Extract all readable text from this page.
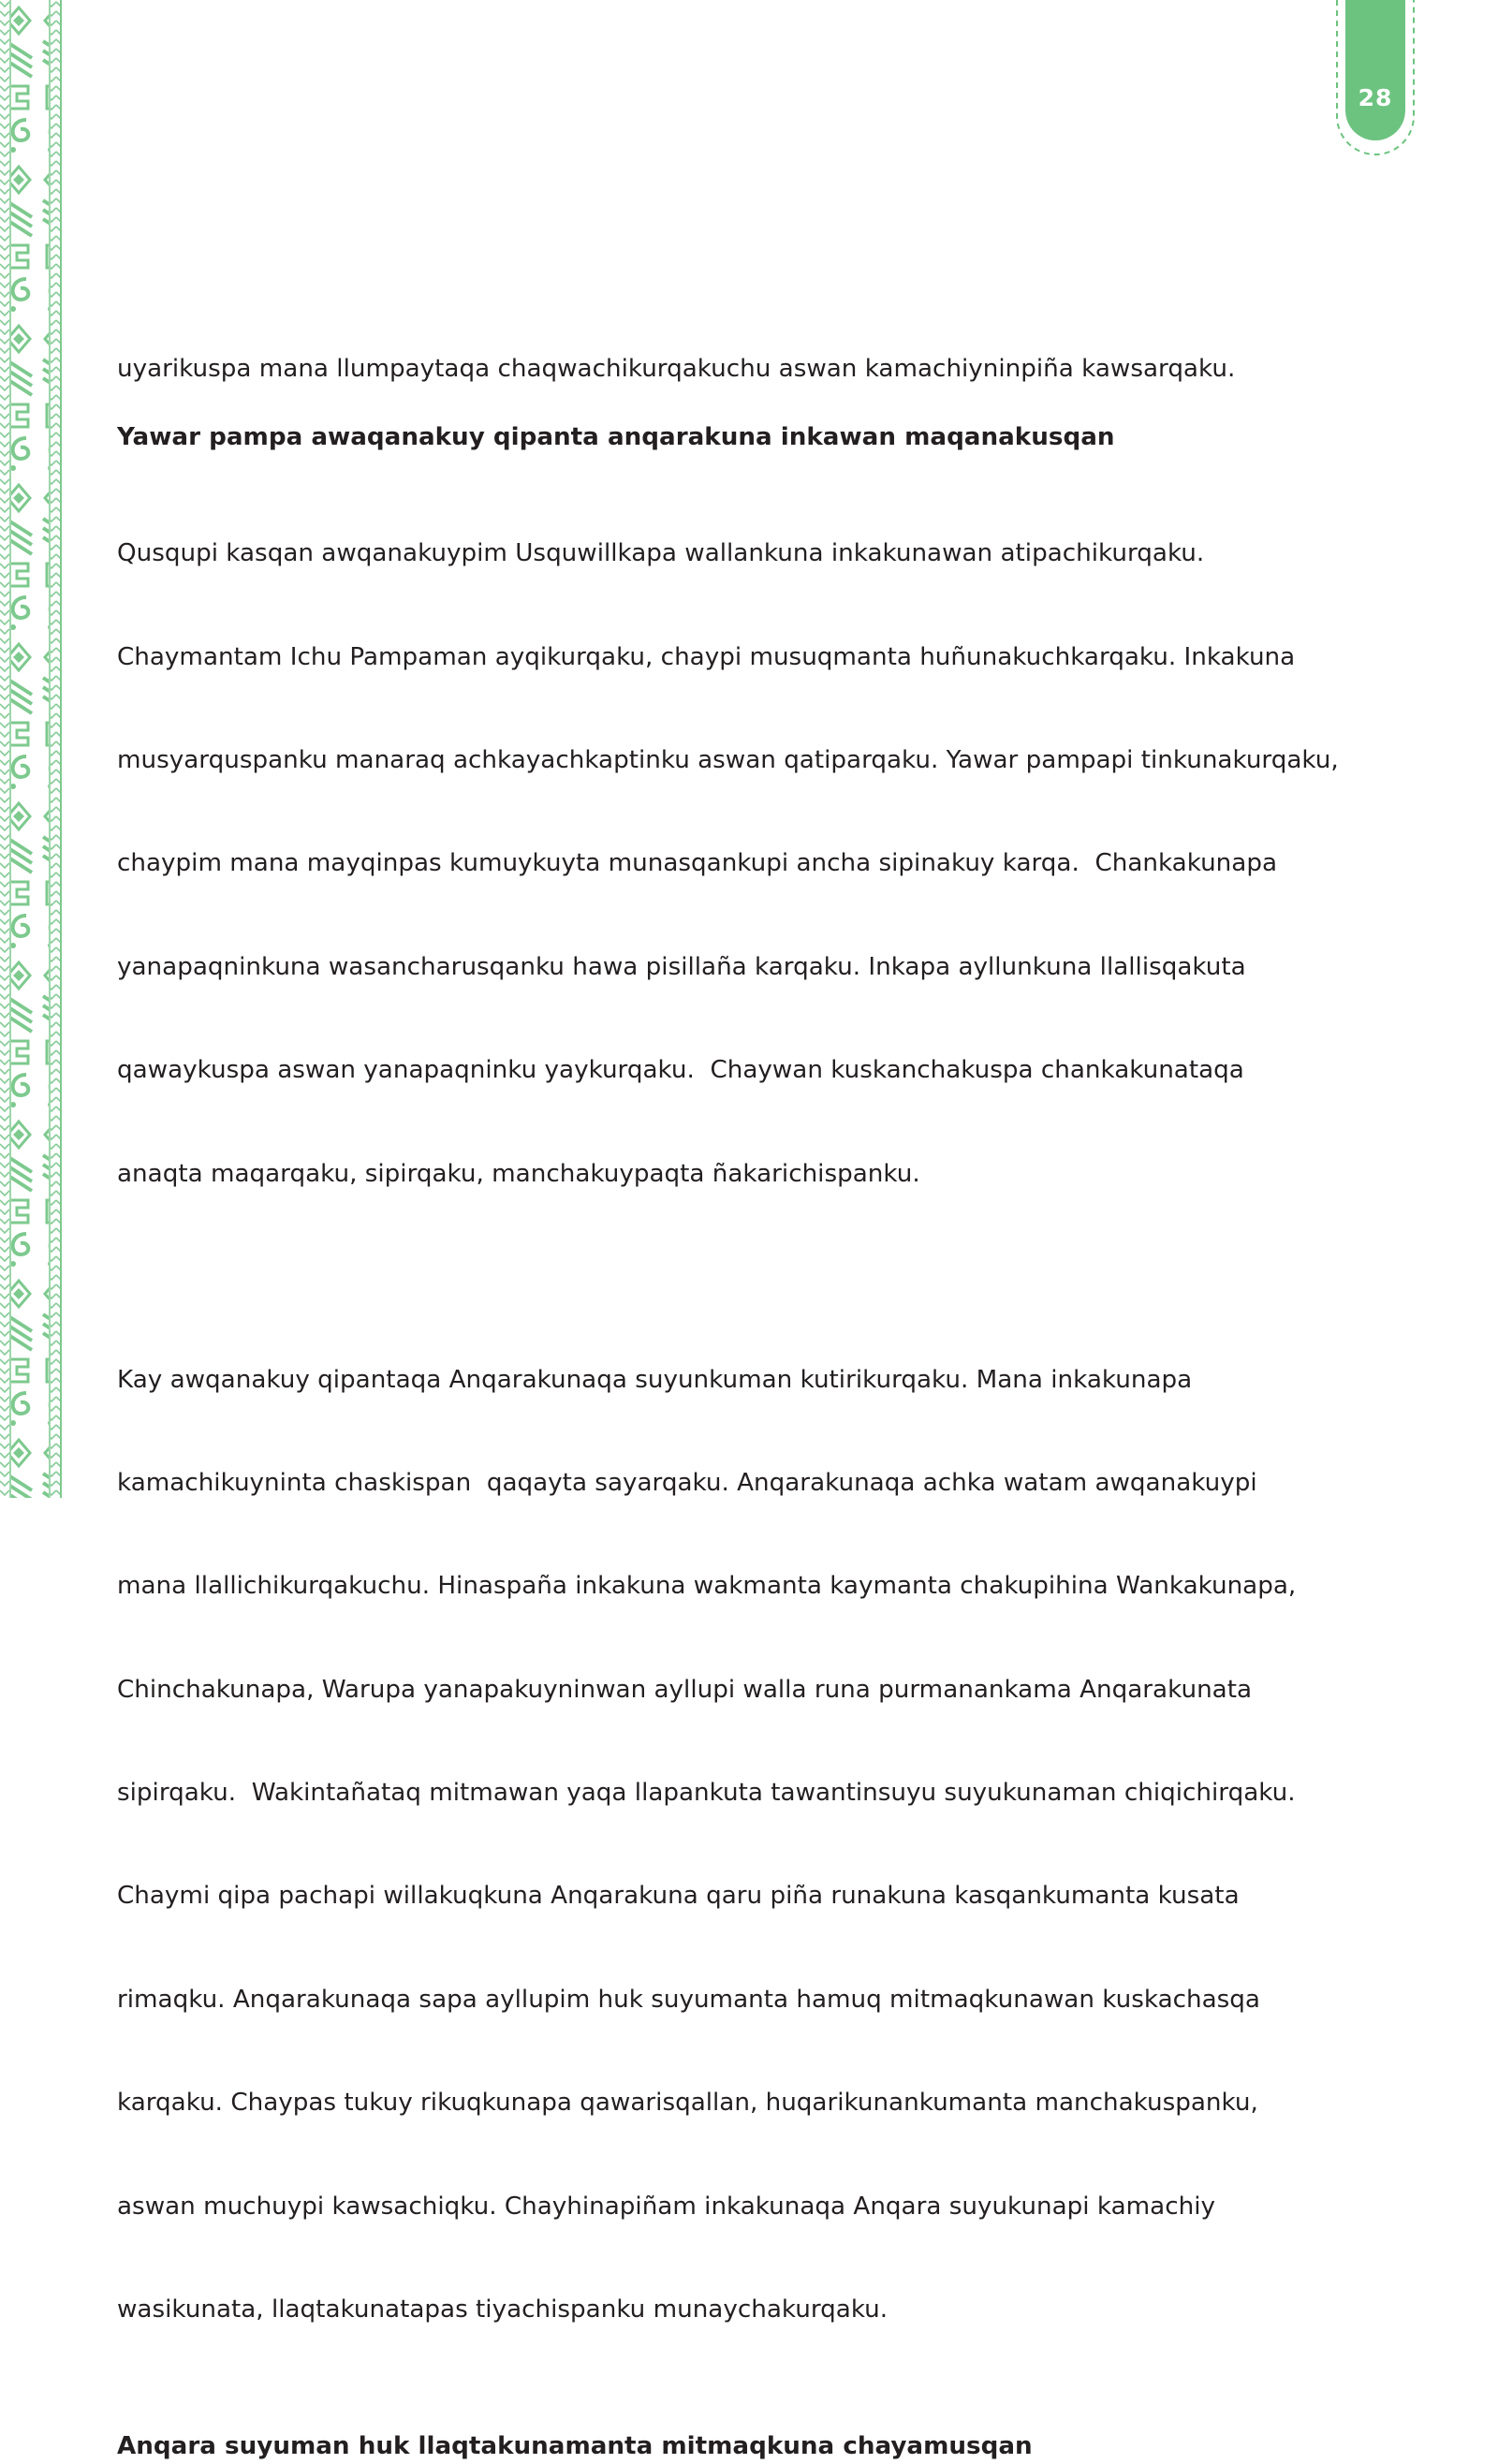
28

uyarikuspa mana llumpaytaqa chaqwachikurqakuchu aswan kamachiyninpiña kawsarqaku.

Yawar pampa awaqanakuy qipanta anqarakuna inkawan maqanakusqan

Qusqupi kasqan awqanakuypim Usquwillkapa wallankuna inkakunawan atipachikurqaku.

Chaymantam Ichu Pampaman ayqikurqaku, chaypi musuqmanta huñunakuchkarqaku. Inkakuna

musyarquspanku manaraq achkayachkaptinku aswan qatiparqaku. Yawar pampapi tinkunakurqaku,

chaypim mana mayqinpas kumuykuyta munasqankupi ancha sipinakuy karqa.  Chankakunapa

yanapaqninkuna wasancharusqanku hawa pisillaña karqaku. Inkapa ayllunkuna llallisqakuta

qawaykuspa aswan yanapaqninku yaykurqaku.  Chaywan kuskanchakuspa chankakunataqa

anaqta maqarqaku, sipirqaku, manchakuypaqta ñakarichispanku.

Kay awqanakuy qipantaqa Anqarakunaqa suyunkuman kutirikurqaku. Mana inkakunapa

kamachikuyninta chaskispan  qaqayta sayarqaku. Anqarakunaqa achka watam awqanakuypi

mana llallichikurqakuchu. Hinaspaña inkakuna wakmanta kaymanta chakupihina Wankakunapa,

Chinchakunapa, Warupa yanapakuyninwan ayllupi walla runa purmanankama Anqarakunata

sipirqaku.  Wakintañataq mitmawan yaqa llapankuta tawantinsuyu suyukunaman chiqichirqaku.

Chaymi qipa pachapi willakuqkuna Anqarakuna qaru piña runakuna kasqankumanta kusata

rimaqku. Anqarakunaqa sapa ayllupim huk suyumanta hamuq mitmaqkunawan kuskachasqa

karqaku. Chaypas tukuy rikuqkunapa qawarisqallan, huqarikunankumanta manchakuspanku,

aswan muchuypi kawsachiqku. Chayhinapiñam inkakunaqa Anqara suyukunapi kamachiy

wasikunata, llaqtakunatapas tiyachispanku munaychakurqaku.

Anqara suyuman huk llaqtakunamanta mitmaqkuna chayamusqan
